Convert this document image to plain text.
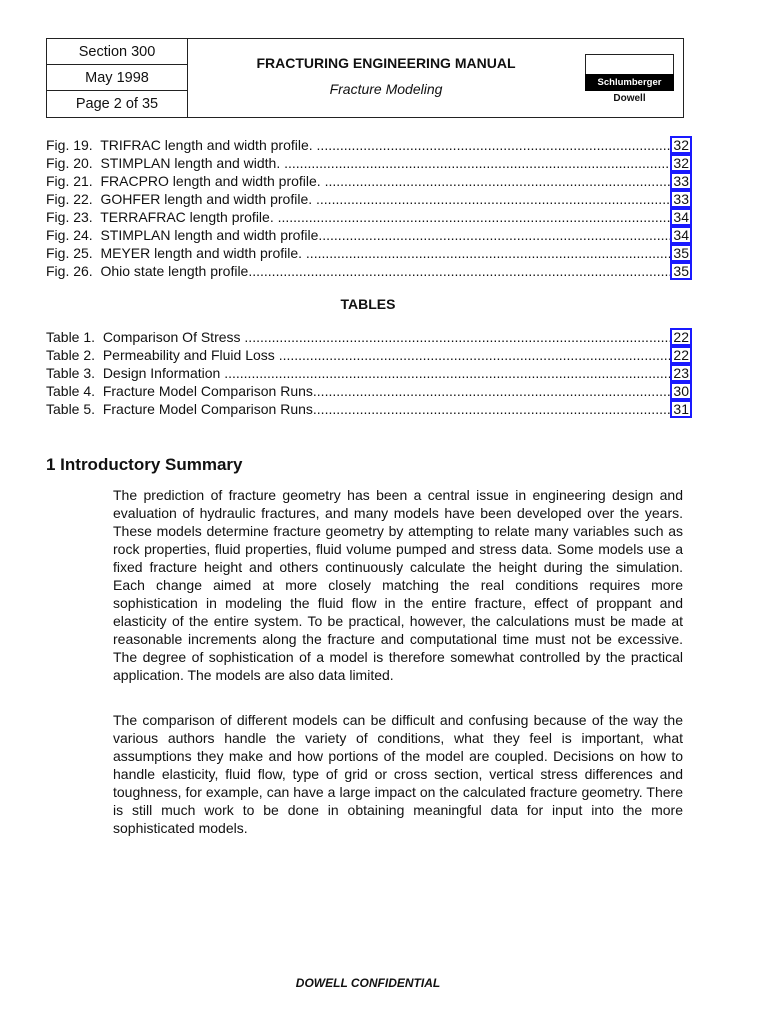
Section 300
May 1998
Page 2 of 35
FRACTURING ENGINEERING MANUAL
Fracture Modeling	Schlumberger
Dowell
Fig. 19.  TRIFRAC length and width profile. .....	32
Fig. 20.  STIMPLAN length and width. .....	32
Fig. 21.  FRACPRO length and width profile. .....	33
Fig. 22.  GOHFER length and width profile. .....	33
Fig. 23.  TERRAFRAC length profile. .....	34
Fig. 24.  STIMPLAN length and width profile. .....	34
Fig. 25.  MEYER length and width profile. .....	35
Fig. 26.  Ohio state length profile .....	35
TABLES
Table 1.  Comparison Of Stress .....	22
Table 2.  Permeability and Fluid Loss .....	22
Table 3.  Design Information .....	23
Table 4.  Fracture Model Comparison Runs .....	30
Table 5.  Fracture Model Comparison Runs .....	31
1 Introductory Summary

The prediction of fracture geometry has been a central issue in engineering design and evaluation of hydraulic fractures, and many models have been developed over the years. These models determine fracture geometry by attempting to relate many variables such as rock properties, fluid properties, fluid volume pumped and stress data. Some models use a fixed fracture height and others continuously calculate the height during the simulation. Each change aimed at more closely matching the real conditions requires more sophistication in modeling the fluid flow in the entire fracture, effect of proppant and elasticity of the entire system. To be practical, however, the calculations must be made at reasonable increments along the fracture and computational time must not be excessive. The degree of sophistication of a model is therefore somewhat controlled by the practical application. The models are also data limited.

The comparison of different models can be difficult and confusing because of the way the various authors handle the variety of conditions, what they feel is important, what assumptions they make and how portions of the model are coupled. Decisions on how to handle elasticity, fluid flow, type of grid or cross section, vertical stress differences and toughness, for example, can have a large impact on the calculated fracture geometry. There is still much work to be done in obtaining meaningful data for input into the more sophisticated models.

DOWELL CONFIDENTIAL
